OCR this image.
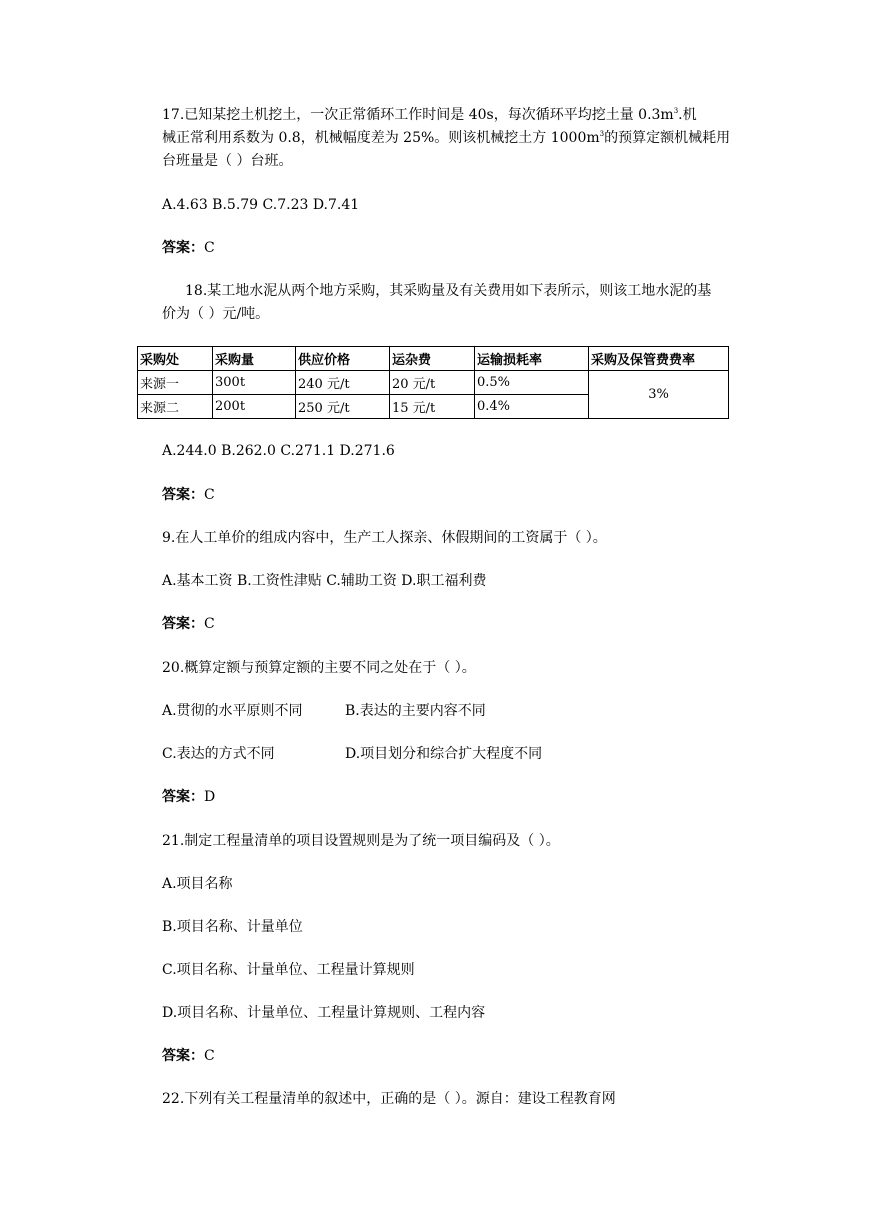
17.已知某挖土机挖土，一次正常循环工作时间是 40s，每次循环平均挖土量 $0.3m^3$.机

械正常利用系数为 0.8，机械幅度差为 25%。则该机械挖土方 $1000m^3$的预算定额机械耗用

台班量是（ ）台班。

A.4.63 B.5.79 C.7.23 D.7.41

答案：C

18.某工地水泥从两个地方采购，其采购量及有关费用如下表所示，则该工地水泥的基

价为（ ）元/吨。

采购处	采购量	供应价格	运杂费	运输损耗率	采购及保管费费率
来源一	300t	240 元/t	20 元/t	0.5%	3%
来源二	200t	250 元/t	15 元/t	0.4%	

A.244.0 B.262.0 C.271.1 D.271.6

答案：C

9.在人工单价的组成内容中，生产工人探亲、休假期间的工资属于（ ）。

A.基本工资 B.工资性津贴 C.辅助工资 D.职工福利费

答案：C

20.概算定额与预算定额的主要不同之处在于（ ）。

A.贯彻的水平原则不同	B.表达的主要内容不同

C.表达的方式不同	D.项目划分和综合扩大程度不同

答案：D

21.制定工程量清单的项目设置规则是为了统一项目编码及（ ）。

A.项目名称

B.项目名称、计量单位

C.项目名称、计量单位、工程量计算规则

D.项目名称、计量单位、工程量计算规则、工程内容

答案：C

22.下列有关工程量清单的叙述中，正确的是（ ）。源自：建设工程教育网
